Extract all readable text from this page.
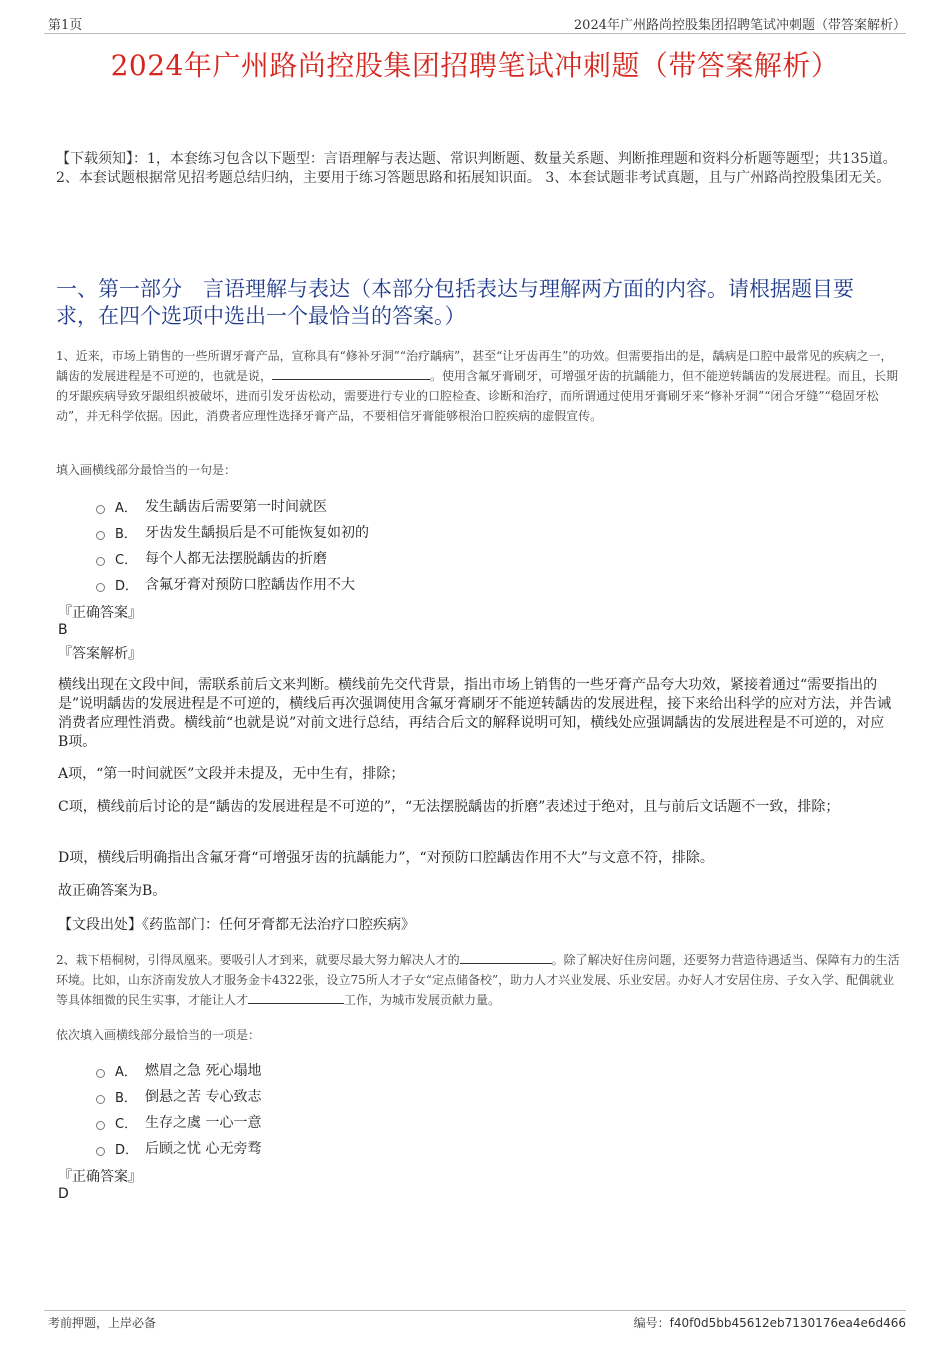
第1页	2024年广州路尚控股集团招聘笔试冲刺题（带答案解析）
2024年广州路尚控股集团招聘笔试冲刺题（带答案解析）
【下载须知】：1，本套练习包含以下题型：言语理解与表达题、常识判断题、数量关系题、判断推理题和资料分析题等题型；共135道。 2、本套试题根据常见招考题总结归纳，主要用于练习答题思路和拓展知识面。 3、本套试题非考试真题，且与广州路尚控股集团无关。
一、第一部分　言语理解与表达（本部分包括表达与理解两方面的内容。请根据题目要求，在四个选项中选出一个最恰当的答案。）
1、近来，市场上销售的一些所谓牙膏产品，宣称具有“修补牙洞”“治疗龋病”，甚至“让牙齿再生”的功效。但需要指出的是，龋病是口腔中最常见的疾病之一，龋齿的发展进程是不可逆的，也就是说，	。使用含氟牙膏刷牙，可增强牙齿的抗龋能力，但不能逆转龋齿的发展进程。而且，长期的牙龈疾病导致牙龈组织被破坏，进而引发牙齿松动，需要进行专业的口腔检查、诊断和治疗，而所谓通过使用牙膏刷牙来“修补牙洞”“闭合牙缝”“稳固牙松动”，并无科学依据。因此，消费者应理性选择牙膏产品，不要相信牙膏能够根治口腔疾病的虚假宣传。
填入画横线部分最恰当的一句是：
A． 发生龋齿后需要第一时间就医
B． 牙齿发生龋损后是不可能恢复如初的
C． 每个人都无法摆脱龋齿的折磨
D． 含氟牙膏对预防口腔龋齿作用不大
『正确答案』
B
『答案解析』
横线出现在文段中间，需联系前后文来判断。横线前先交代背景，指出市场上销售的一些牙膏产品夸大功效，紧接着通过“需要指出的是”说明龋齿的发展进程是不可逆的，横线后再次强调使用含氟牙膏刷牙不能逆转龋齿的发展进程，接下来给出科学的应对方法，并告诫消费者应理性消费。横线前“也就是说”对前文进行总结，再结合后文的解释说明可知，横线处应强调龋齿的发展进程是不可逆的，对应B项。
A项，“第一时间就医”文段并未提及，无中生有，排除；
C项，横线前后讨论的是“龋齿的发展进程是不可逆的”，“无法摆脱龋齿的折磨”表述过于绝对，且与前后文话题不一致，排除；
D项，横线后明确指出含氟牙膏“可增强牙齿的抗龋能力”，“对预防口腔龋齿作用不大”与文意不符，排除。
故正确答案为B。
【文段出处】《药监部门：任何牙膏都无法治疗口腔疾病》
2、栽下梧桐树，引得凤凰来。要吸引人才到来，就要尽最大努力解决人才的	。除了解决好住房问题，还要努力营造待遇适当、保障有力的生活环境。比如，山东济南发放人才服务金卡4322张，设立75所人才子女“定点储备校”，助力人才兴业发展、乐业安居。办好人才安居住房、子女入学、配偶就业等具体细微的民生实事，才能让人才	工作，为城市发展贡献力量。
依次填入画横线部分最恰当的一项是：
A． 燃眉之急 死心塌地
B． 倒悬之苦 专心致志
C． 生存之虞 一心一意
D． 后顾之忧 心无旁骛
『正确答案』
D
考前押题，上岸必备	编号：f40f0d5bb45612eb7130176ea4e6d466
